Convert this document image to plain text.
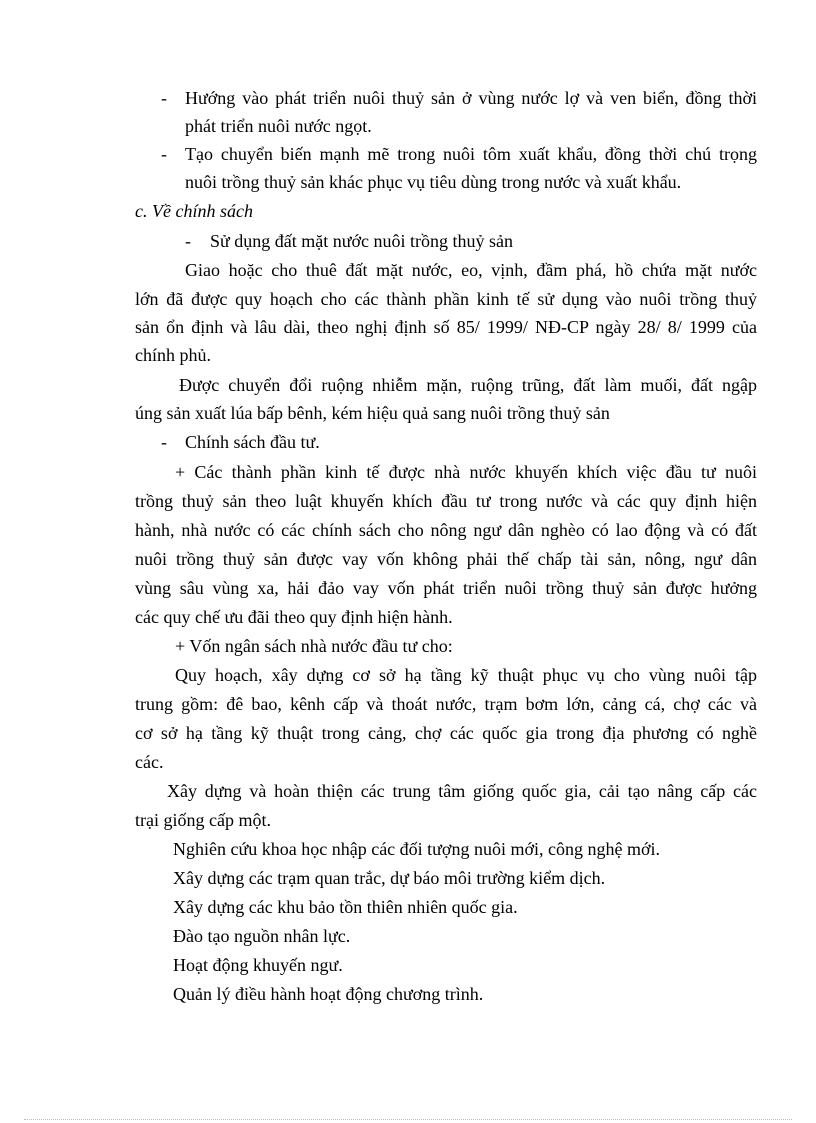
- Hướng vào phát triển nuôi thuỷ sản ở vùng nước lợ và ven biển, đồng thời
phát triển nuôi nước ngọt.
- Tạo chuyển biến mạnh mẽ trong nuôi tôm xuất khẩu, đồng thời chú trọng
nuôi trồng thuỷ sản khác phục vụ tiêu dùng trong nước và xuất khẩu.
c. Về chính sách
- Sử dụng đất mặt nước nuôi trồng thuỷ sản
Giao hoặc cho thuê đất mặt nước, eo, vịnh, đầm phá, hồ chứa mặt nước
lớn đã được quy hoạch cho các thành phần kinh tế sử dụng vào nuôi trồng thuỷ
sản ổn định và lâu dài, theo nghị định số 85/ 1999/ NĐ-CP ngày 28/ 8/ 1999 của
chính phủ.
Được chuyển đổi ruộng nhiễm mặn, ruộng trũng, đất làm muối, đất ngập
úng sản xuất lúa bấp bênh, kém hiệu quả sang nuôi trồng thuỷ sản
- Chính sách đầu tư.
+ Các thành phần kinh tế được nhà nước khuyến khích việc đầu tư nuôi
trồng thuỷ sản theo luật khuyến khích đầu tư trong nước và các quy định hiện
hành, nhà nước có các chính sách cho nông ngư dân nghèo có lao động và có đất
nuôi trồng thuỷ sản được vay vốn không phải thế chấp tài sản, nông, ngư dân
vùng sâu vùng xa, hải đảo vay vốn phát triển nuôi trồng thuỷ sản được hưởng
các quy chế ưu đãi theo quy định hiện hành.
+ Vốn ngân sách nhà nước đầu tư cho:
Quy hoạch, xây dựng cơ sở hạ tầng kỹ thuật phục vụ cho vùng nuôi tập
trung gồm: đê bao, kênh cấp và thoát nước, trạm bơm lớn, cảng cá, chợ các và
cơ sở hạ tầng kỹ thuật trong cảng, chợ các quốc gia trong địa phương có nghề
các.
Xây dựng và hoàn thiện các trung tâm giống quốc gia, cải tạo nâng cấp các
trại giống cấp một.
Nghiên cứu khoa học nhập các đối tượng nuôi mới, công nghệ mới.
Xây dựng các trạm quan trắc, dự báo môi trường kiểm dịch.
Xây dựng các khu bảo tồn thiên nhiên quốc gia.
Đào tạo nguồn nhân lực.
Hoạt động khuyến ngư.
Quản lý điều hành hoạt động chương trình.
